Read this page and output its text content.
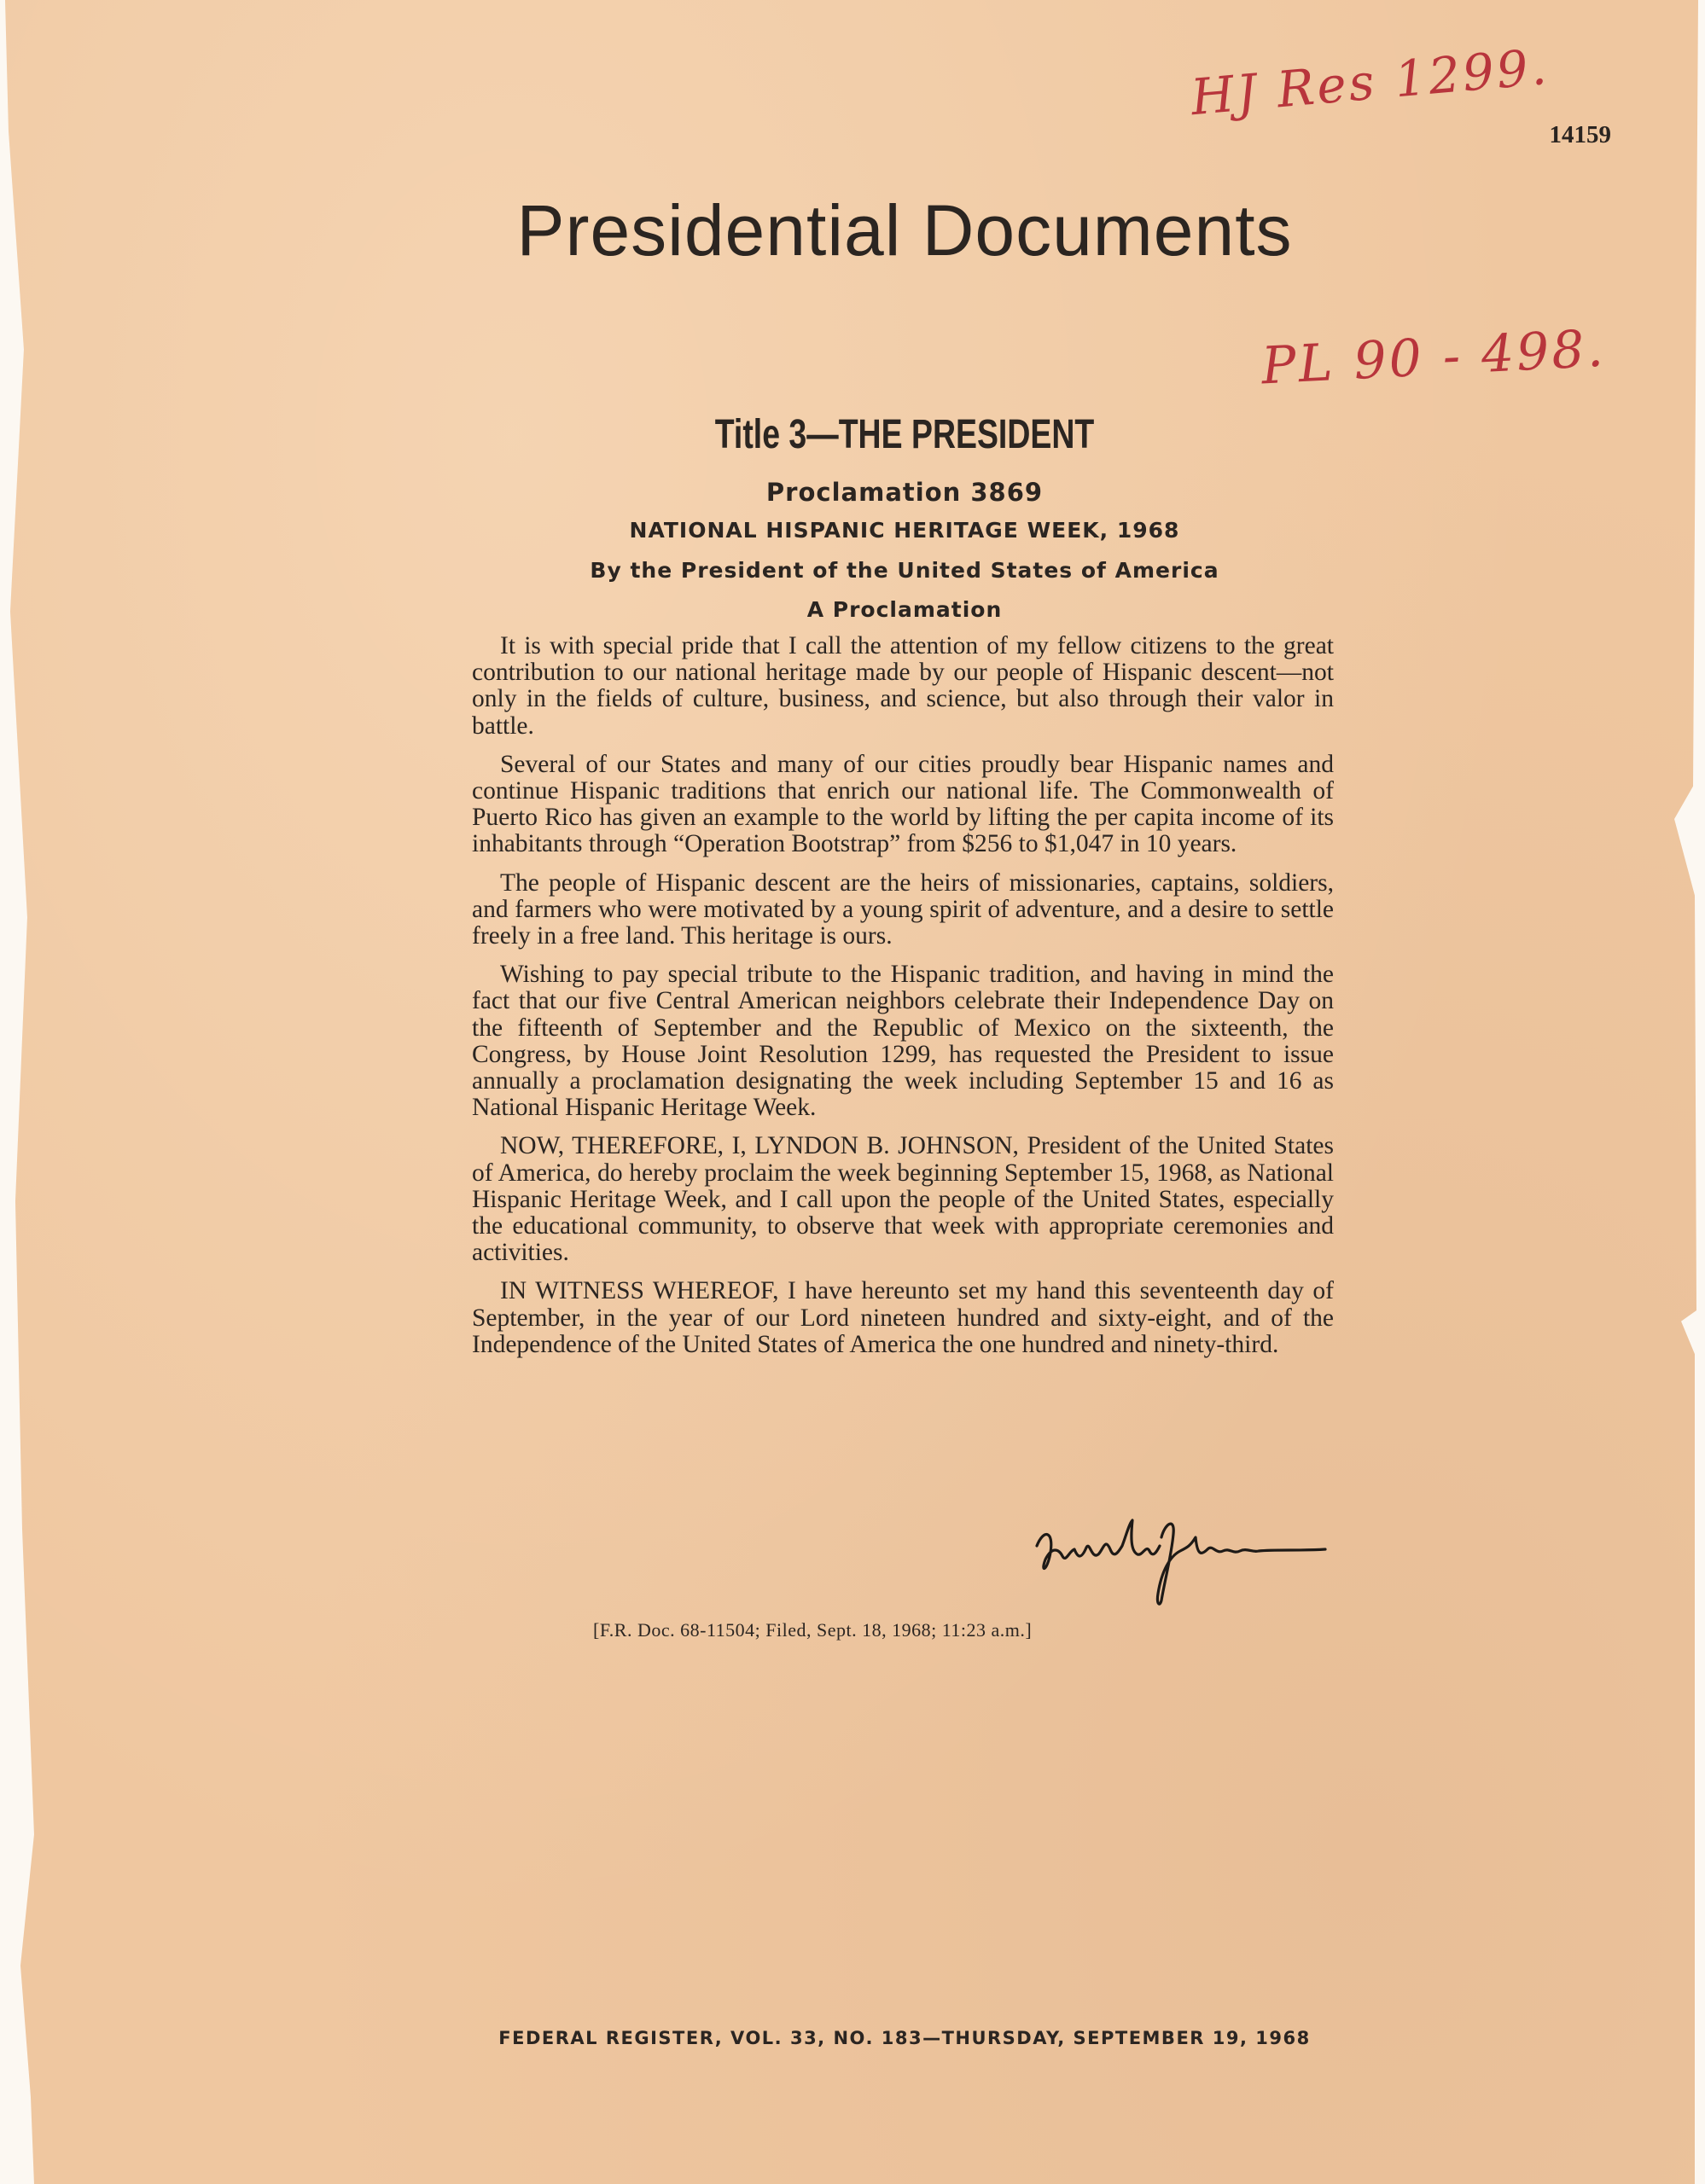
14159
HJ Res 1299.
PL 90 - 498.
Presidential Documents
Title 3—THE PRESIDENT
Proclamation 3869
NATIONAL HISPANIC HERITAGE WEEK, 1968
By the President of the United States of America
A Proclamation

It is with special pride that I call the attention of my fellow citizens to the great contribution to our national heritage made by our people of Hispanic descent—not only in the fields of culture, business, and science, but also through their valor in battle.

Several of our States and many of our cities proudly bear Hispanic names and continue Hispanic traditions that enrich our national life. The Commonwealth of Puerto Rico has given an example to the world by lifting the per capita income of its inhabitants through “Operation Bootstrap” from $256 to $1,047 in 10 years.

The people of Hispanic descent are the heirs of missionaries, captains, soldiers, and farmers who were motivated by a young spirit of adventure, and a desire to settle freely in a free land. This heritage is ours.

Wishing to pay special tribute to the Hispanic tradition, and having in mind the fact that our five Central American neighbors celebrate their Independence Day on the fifteenth of September and the Republic of Mexico on the sixteenth, the Congress, by House Joint Resolution 1299, has requested the President to issue annually a proclamation designating the week including September 15 and 16 as National Hispanic Heritage Week.

NOW, THEREFORE, I, LYNDON B. JOHNSON, President of the United States of America, do hereby proclaim the week beginning September 15, 1968, as National Hispanic Heritage Week, and I call upon the people of the United States, especially the educational community, to observe that week with appropriate ceremonies and activities.

IN WITNESS WHEREOF, I have hereunto set my hand this seventeenth day of September, in the year of our Lord nineteen hundred and sixty-eight, and of the Independence of the United States of America the one hundred and ninety-third.

[F.R. Doc. 68-11504; Filed, Sept. 18, 1968; 11:23 a.m.]
FEDERAL REGISTER, VOL. 33, NO. 183—THURSDAY, SEPTEMBER 19, 1968
